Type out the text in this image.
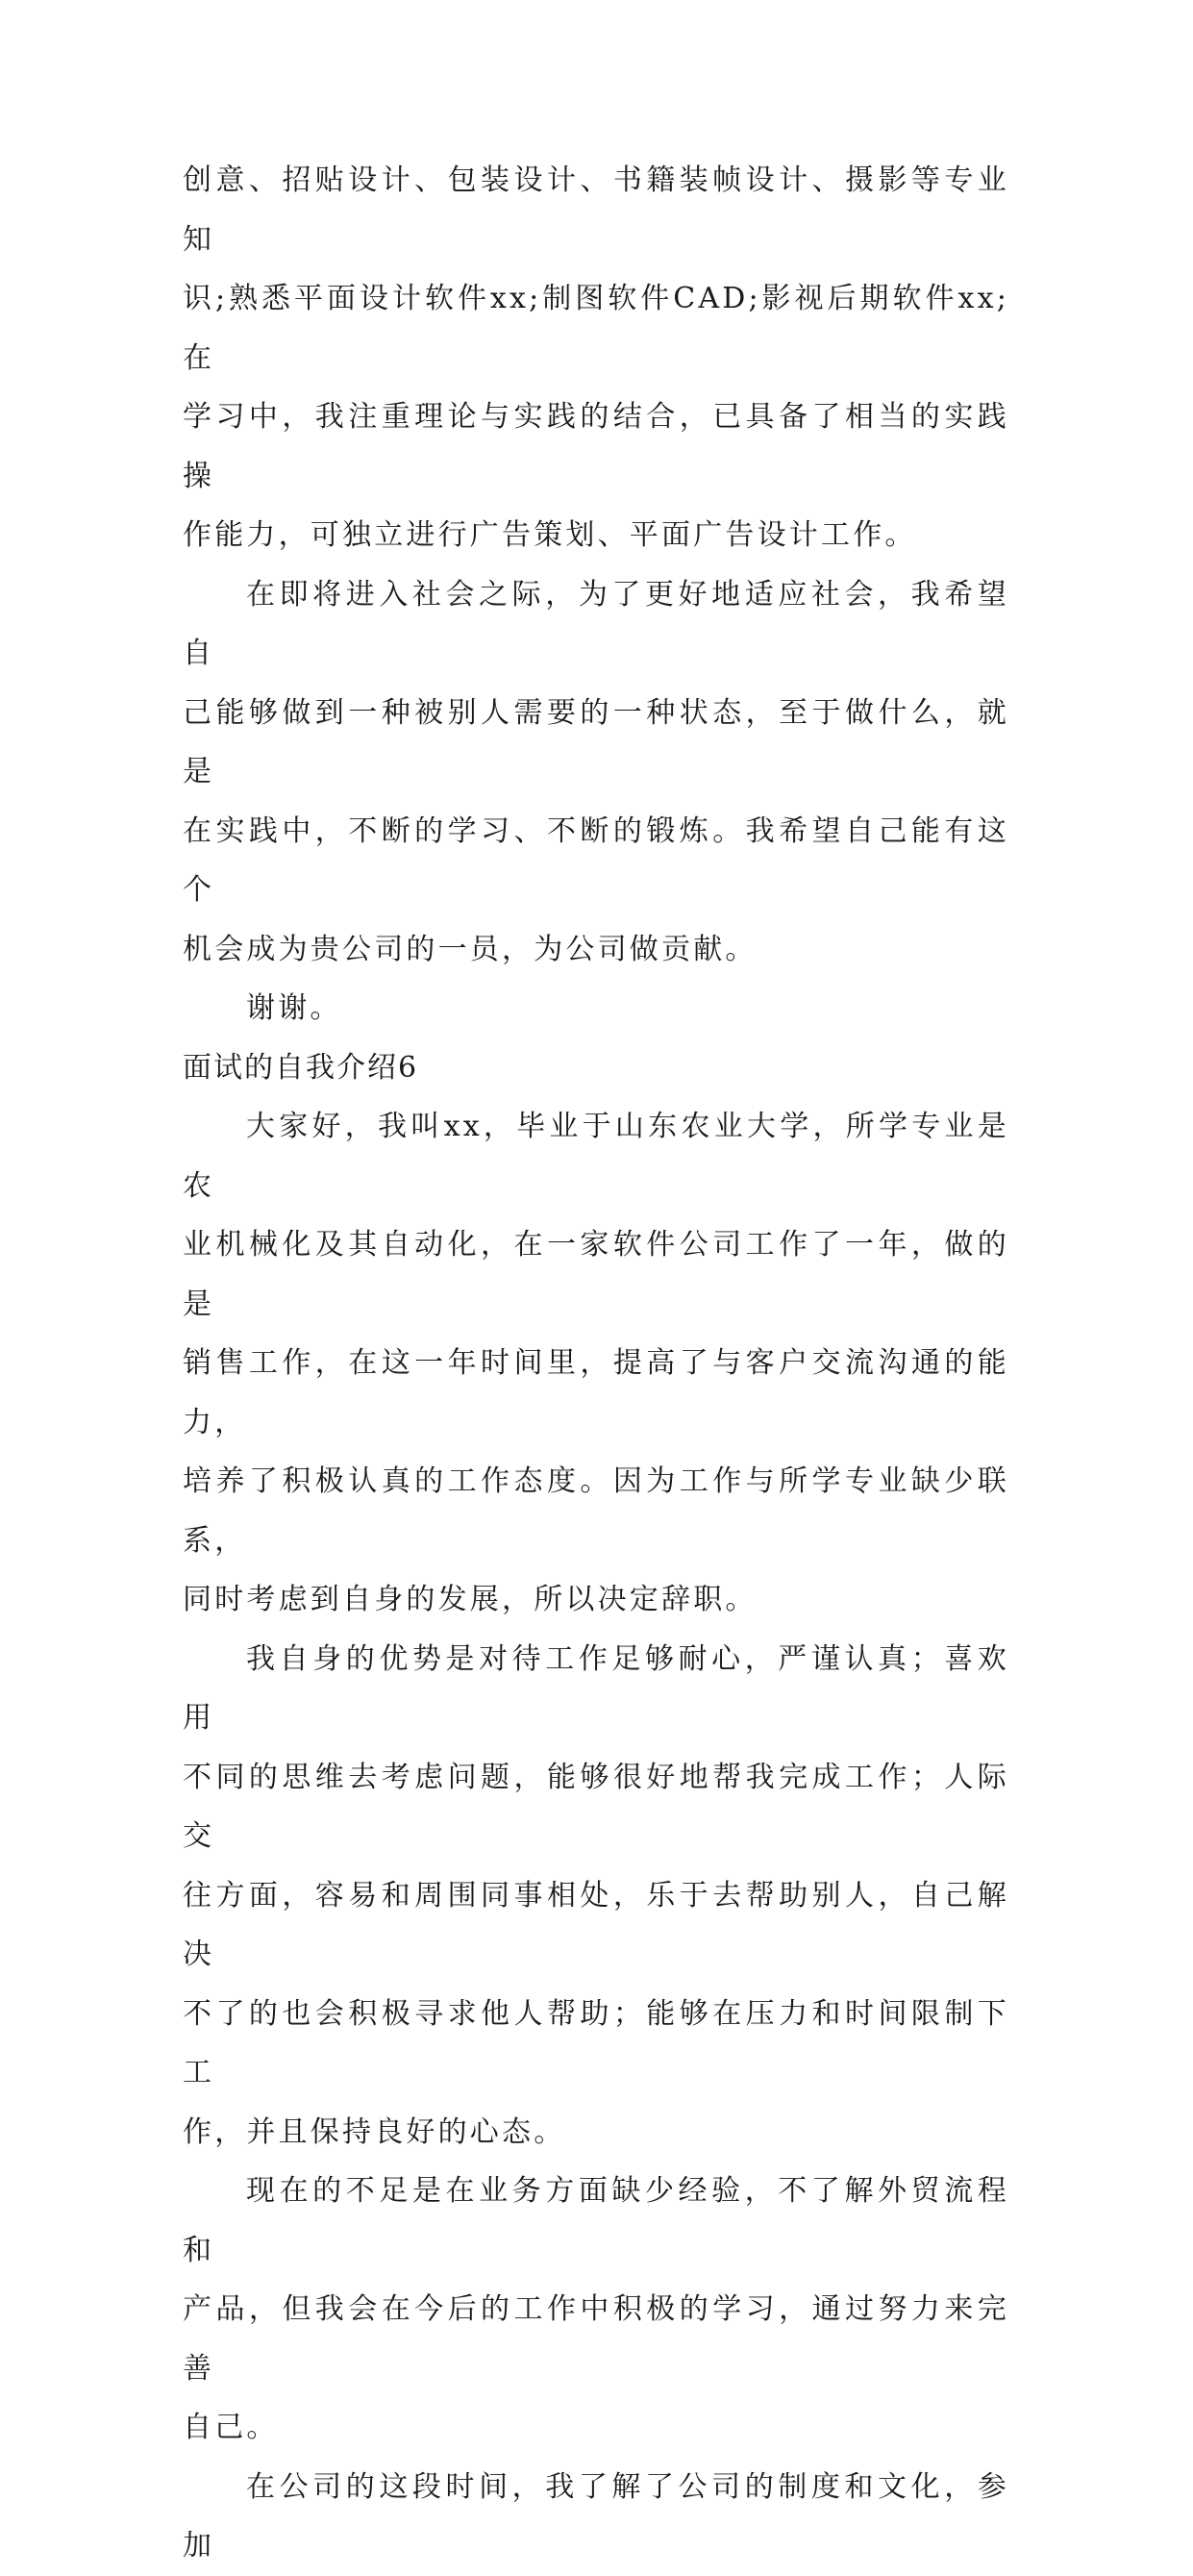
创意、招贴设计、包装设计、书籍装帧设计、摄影等专业知
识;熟悉平面设计软件xx;制图软件CAD;影视后期软件xx;在
学习中，我注重理论与实践的结合，已具备了相当的实践操
作能力，可独立进行广告策划、平面广告设计工作。

在即将进入社会之际，为了更好地适应社会，我希望自
己能够做到一种被别人需要的一种状态，至于做什么，就是
在实践中，不断的学习、不断的锻炼。我希望自己能有这个
机会成为贵公司的一员，为公司做贡献。

谢谢。

面试的自我介绍6

大家好，我叫xx，毕业于山东农业大学，所学专业是农
业机械化及其自动化，在一家软件公司工作了一年，做的是
销售工作，在这一年时间里，提高了与客户交流沟通的能力，
培养了积极认真的工作态度。因为工作与所学专业缺少联系，
同时考虑到自身的发展，所以决定辞职。

我自身的优势是对待工作足够耐心，严谨认真；喜欢用
不同的思维去考虑问题，能够很好地帮我完成工作；人际交
往方面，容易和周围同事相处，乐于去帮助别人，自己解决
不了的也会积极寻求他人帮助；能够在压力和时间限制下工
作，并且保持良好的心态。

现在的不足是在业务方面缺少经验，不了解外贸流程和
产品，但我会在今后的工作中积极的学习，通过努力来完善
自己。

在公司的这段时间，我了解了公司的制度和文化，参加
